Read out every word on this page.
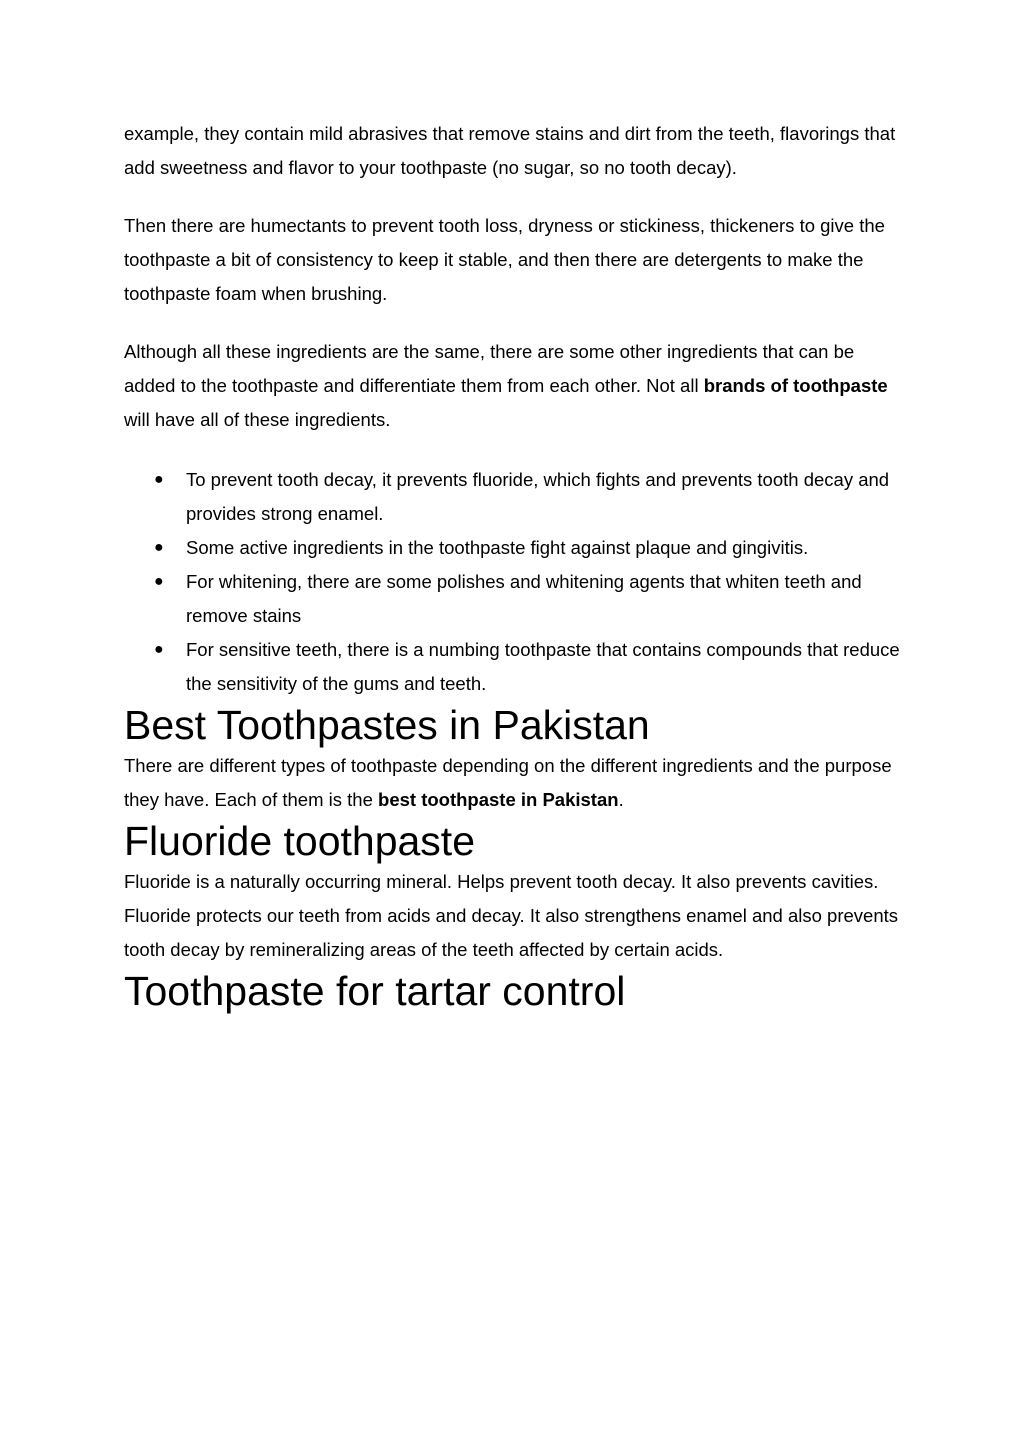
example, they contain mild abrasives that remove stains and dirt from the teeth, flavorings that add sweetness and flavor to your toothpaste (no sugar, so no tooth decay).

Then there are humectants to prevent tooth loss, dryness or stickiness, thickeners to give the toothpaste a bit of consistency to keep it stable, and then there are detergents to make the toothpaste foam when brushing.

Although all these ingredients are the same, there are some other ingredients that can be added to the toothpaste and differentiate them from each other. Not all brands of toothpaste will have all of these ingredients.

● To prevent tooth decay, it prevents fluoride, which fights and prevents tooth decay and provides strong enamel.
● Some active ingredients in the toothpaste fight against plaque and gingivitis.
● For whitening, there are some polishes and whitening agents that whiten teeth and remove stains
● For sensitive teeth, there is a numbing toothpaste that contains compounds that reduce the sensitivity of the gums and teeth.
Best Toothpastes in Pakistan

There are different types of toothpaste depending on the different ingredients and the purpose they have. Each of them is the best toothpaste in Pakistan.

Fluoride toothpaste

Fluoride is a naturally occurring mineral. Helps prevent tooth decay. It also prevents cavities. Fluoride protects our teeth from acids and decay. It also strengthens enamel and also prevents tooth decay by remineralizing areas of the teeth affected by certain acids.

Toothpaste for tartar control
